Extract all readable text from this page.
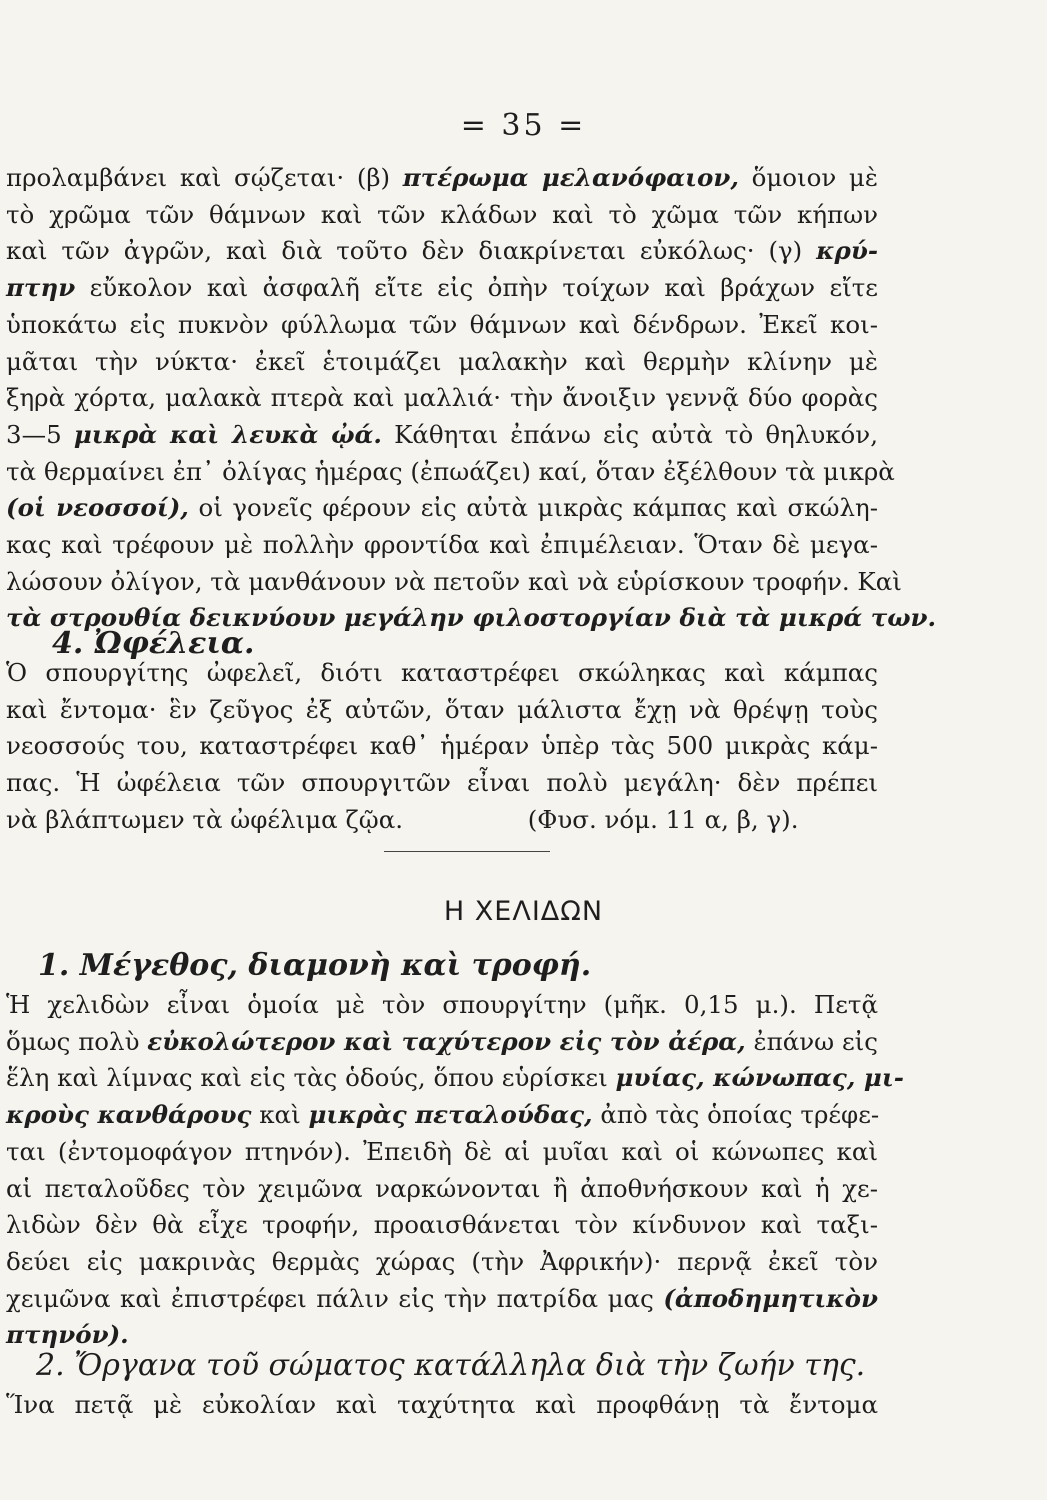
= 35 =
προλαμβάνει καὶ σῴζεται· (β) πτέρωμα μελανόφαιον, ὅμοιον μὲ
τὸ χρῶμα τῶν θάμνων καὶ τῶν κλάδων καὶ τὸ χῶμα τῶν κήπων
καὶ τῶν ἀγρῶν, καὶ διὰ τοῦτο δὲν διακρίνεται εὐκόλως· (γ) κρύ-
πτην εὔκολον καὶ ἀσφαλῆ εἴτε εἰς ὀπὴν τοίχων καὶ βράχων εἴτε
ὑποκάτω εἰς πυκνὸν φύλλωμα τῶν θάμνων καὶ δένδρων. Ἐκεῖ κοι-
μᾶται τὴν νύκτα· ἐκεῖ ἑτοιμάζει μαλακὴν καὶ θερμὴν κλίνην μὲ
ξηρὰ χόρτα, μαλακὰ πτερὰ καὶ μαλλιά· τὴν ἄνοιξιν γεννᾷ δύο φορὰς
3—5 μικρὰ καὶ λευκὰ ᾠά. Κάθηται ἐπάνω εἰς αὐτὰ τὸ θηλυκόν,
τὰ θερμαίνει ἐπ᾽ ὀλίγας ἡμέρας (ἐπωάζει) καί, ὅταν ἐξέλθουν τὰ μικρὰ
(οἱ νεοσσοί), οἱ γονεῖς φέρουν εἰς αὐτὰ μικρὰς κάμπας καὶ σκώλη-
κας καὶ τρέφουν μὲ πολλὴν φροντίδα καὶ ἐπιμέλειαν. Ὅταν δὲ μεγα-
λώσουν ὀλίγον, τὰ μανθάνουν νὰ πετοῦν καὶ νὰ εὑρίσκουν τροφήν. Καὶ
τὰ στρουθία δεικνύουν μεγάλην φιλοστοργίαν διὰ τὰ μικρά των.
4. Ὠφέλεια.
Ὁ σπουργίτης ὠφελεῖ, διότι καταστρέφει σκώληκας καὶ κάμπας
καὶ ἔντομα· ἓν ζεῦγος ἐξ αὐτῶν, ὅταν μάλιστα ἔχῃ νὰ θρέψῃ τοὺς
νεοσσούς του, καταστρέφει καθ᾽ ἡμέραν ὑπὲρ τὰς 500 μικρὰς κάμ-
πας. Ἡ ὠφέλεια τῶν σπουργιτῶν εἶναι πολὺ μεγάλη· δὲν πρέπει
νὰ βλάπτωμεν τὰ ὠφέλιμα ζῷα.                (Φυσ. νόμ. 11 α, β, γ).
Η ΧΕΛΙΔΩΝ
1. Μέγεθος, διαμονὴ καὶ τροφή.
Ἡ χελιδὼν εἶναι ὁμοία μὲ τὸν σπουργίτην (μῆκ. 0,15 μ.). Πετᾷ
ὅμως πολὺ εὐκολώτερον καὶ ταχύτερον εἰς τὸν ἀέρα, ἐπάνω εἰς
ἕλη καὶ λίμνας καὶ εἰς τὰς ὁδούς, ὅπου εὑρίσκει μυίας, κώνωπας, μι-
κροὺς κανθάρους καὶ μικρὰς πεταλούδας, ἀπὸ τὰς ὁποίας τρέφε-
ται (ἐντομοφάγον πτηνόν). Ἐπειδὴ δὲ αἱ μυῖαι καὶ οἱ κώνωπες καὶ
αἱ πεταλοῦδες τὸν χειμῶνα ναρκώνονται ἢ ἀποθνήσκουν καὶ ἡ χε-
λιδὼν δὲν θὰ εἶχε τροφήν, προαισθάνεται τὸν κίνδυνον καὶ ταξι-
δεύει εἰς μακρινὰς θερμὰς χώρας (τὴν Ἀφρικήν)· περνᾷ ἐκεῖ τὸν
χειμῶνα καὶ ἐπιστρέφει πάλιν εἰς τὴν πατρίδα μας (ἀποδημητικὸν
πτηνόν).
2. Ὄργανα τοῦ σώματος κατάλληλα διὰ τὴν ζωήν της.
Ἵνα πετᾷ μὲ εὐκολίαν καὶ ταχύτητα καὶ προφθάνῃ τὰ ἔντομα
